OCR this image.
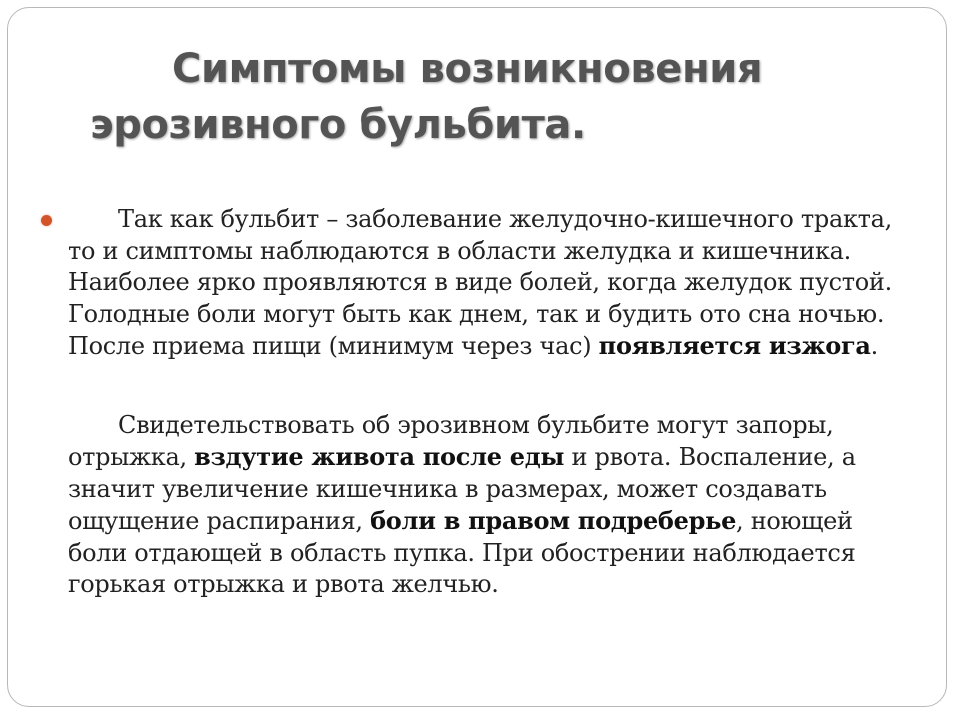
Симптомы возникновения
эрозивного бульбита.

Так как бульбит – заболевание желудочно-кишечного тракта, то и симптомы наблюдаются в области желудка и кишечника. Наиболее ярко проявляются в виде болей, когда желудок пустой. Голодные боли могут быть как днем, так и будить ото сна ночью. После приема пищи (минимум через час) появляется изжога.

Свидетельствовать об эрозивном бульбите могут запоры, отрыжка, вздутие живота после еды и рвота. Воспаление, а значит увеличение кишечника в размерах, может создавать ощущение распирания, боли в правом подреберье, ноющей боли отдающей в область пупка. При обострении наблюдается горькая отрыжка и рвота желчью.
